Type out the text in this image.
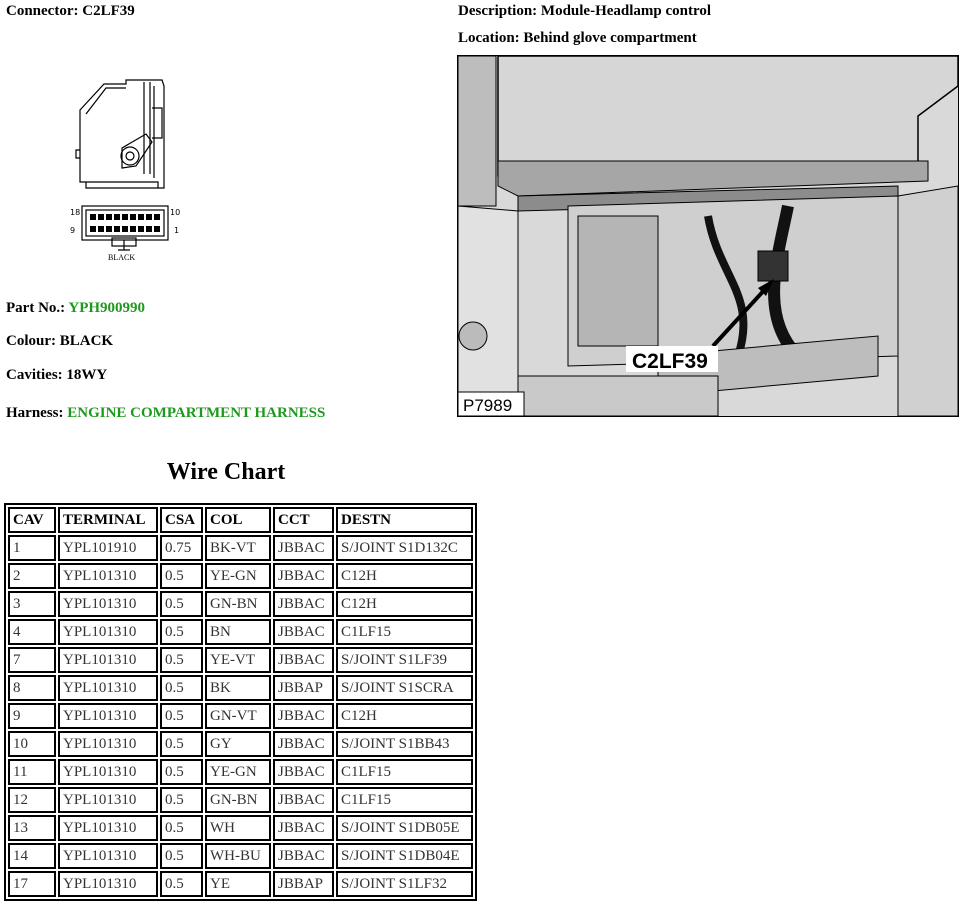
Connector: C2LF39	Description: Module-Headlamp control
Location: Behind glove compartment
18	10
9	1
BLACK
C2LF39
P7989
Part No.: YPH900990
Colour: BLACK
Cavities: 18WY
Harness: ENGINE COMPARTMENT HARNESS
Wire Chart
CAV	TERMINAL	CSA	COL	CCT	DESTN
1	YPL101910	0.75	BK-VT	JBBAC	S/JOINT S1D132C
2	YPL101310	0.5	YE-GN	JBBAC	C12H
3	YPL101310	0.5	GN-BN	JBBAC	C12H
4	YPL101310	0.5	BN	JBBAC	C1LF15
7	YPL101310	0.5	YE-VT	JBBAC	S/JOINT S1LF39
8	YPL101310	0.5	BK	JBBAP	S/JOINT S1SCRA
9	YPL101310	0.5	GN-VT	JBBAC	C12H
10	YPL101310	0.5	GY	JBBAC	S/JOINT S1BB43
11	YPL101310	0.5	YE-GN	JBBAC	C1LF15
12	YPL101310	0.5	GN-BN	JBBAC	C1LF15
13	YPL101310	0.5	WH	JBBAC	S/JOINT S1DB05E
14	YPL101310	0.5	WH-BU	JBBAC	S/JOINT S1DB04E
17	YPL101310	0.5	YE	JBBAP	S/JOINT S1LF32
